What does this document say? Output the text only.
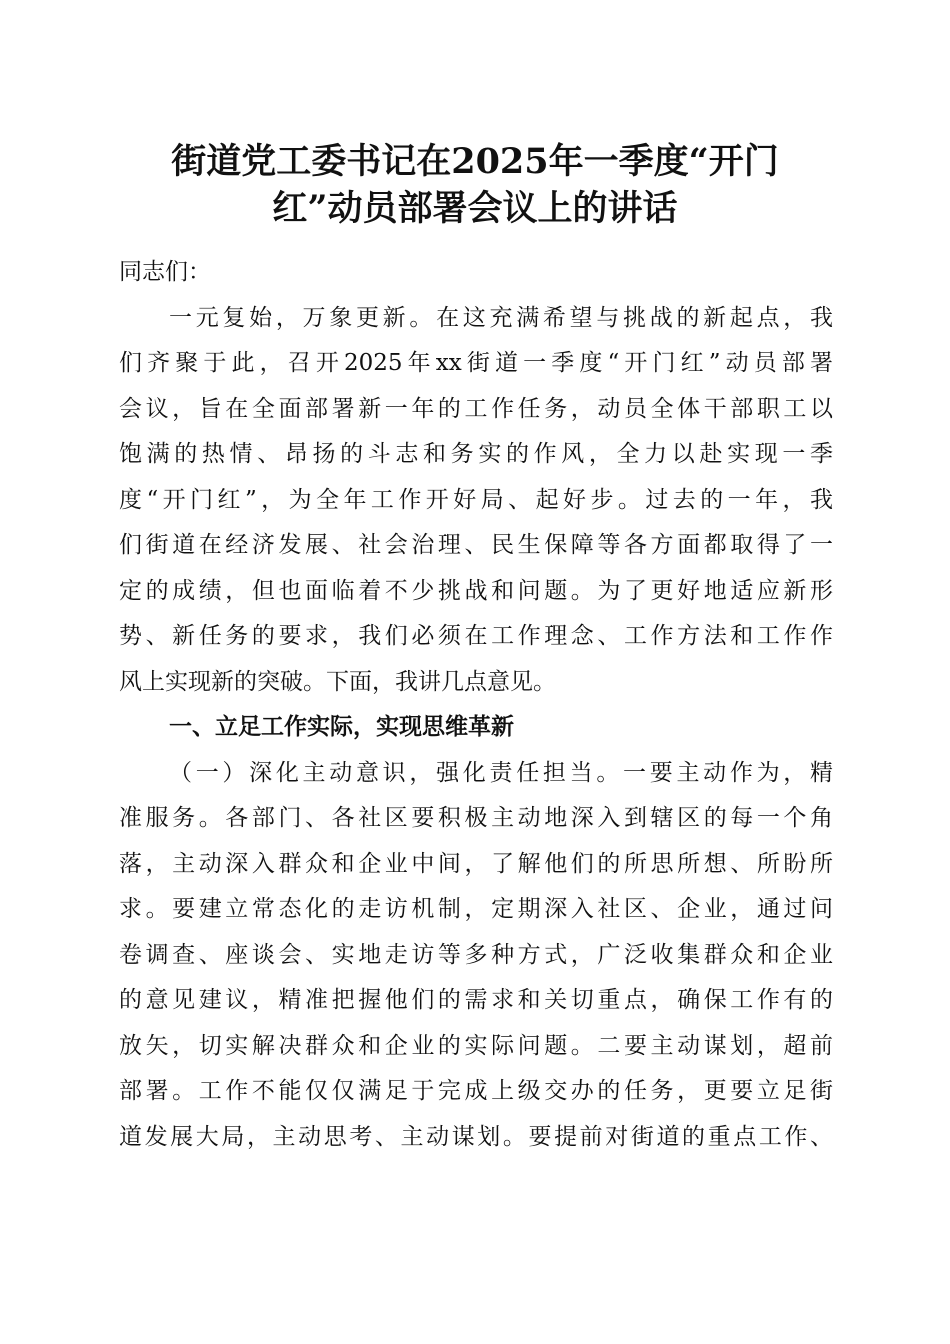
街道党工委书记在2025年一季度“开门
红”动员部署会议上的讲话
同志们：
一元复始，万象更新。在这充满希望与挑战的新起点，我
们齐聚于此，召开2025年xx街道一季度“开门红”动员部署
会议，旨在全面部署新一年的工作任务，动员全体干部职工以
饱满的热情、昂扬的斗志和务实的作风，全力以赴实现一季
度“开门红”，为全年工作开好局、起好步。过去的一年，我
们街道在经济发展、社会治理、民生保障等各方面都取得了一
定的成绩，但也面临着不少挑战和问题。为了更好地适应新形
势、新任务的要求，我们必须在工作理念、工作方法和工作作
风上实现新的突破。下面，我讲几点意见。
一、立足工作实际，实现思维革新
（一）深化主动意识，强化责任担当。一要主动作为，精
准服务。各部门、各社区要积极主动地深入到辖区的每一个角
落，主动深入群众和企业中间，了解他们的所思所想、所盼所
求。要建立常态化的走访机制，定期深入社区、企业，通过问
卷调查、座谈会、实地走访等多种方式，广泛收集群众和企业
的意见建议，精准把握他们的需求和关切重点，确保工作有的
放矢，切实解决群众和企业的实际问题。二要主动谋划，超前
部署。工作不能仅仅满足于完成上级交办的任务，更要立足街
道发展大局，主动思考、主动谋划。要提前对街道的重点工作、
